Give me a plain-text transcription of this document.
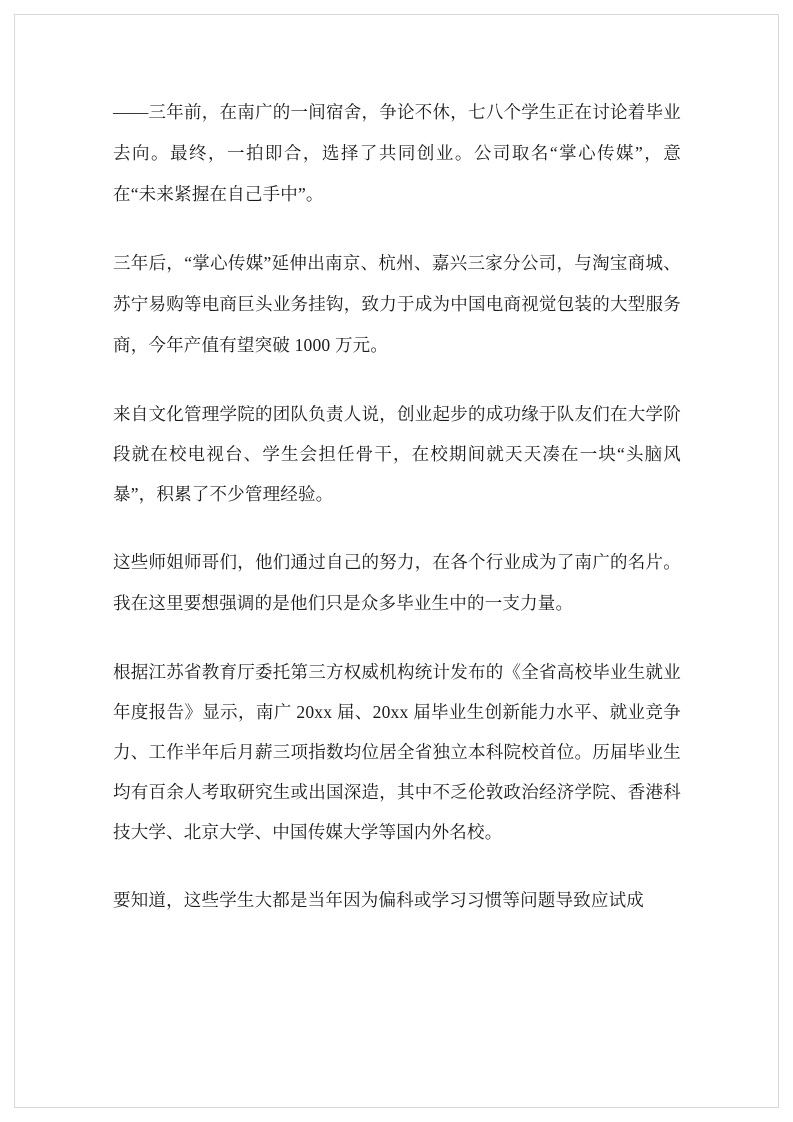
——三年前，在南广的一间宿舍，争论不休，七八个学生正在讨论着毕业去向。最终，一拍即合，选择了共同创业。公司取名“掌心传媒”，意在“未来紧握在自己手中”。

三年后，“掌心传媒”延伸出南京、杭州、嘉兴三家分公司，与淘宝商城、苏宁易购等电商巨头业务挂钩，致力于成为中国电商视觉包装的大型服务商，今年产值有望突破 1000 万元。

来自文化管理学院的团队负责人说，创业起步的成功缘于队友们在大学阶段就在校电视台、学生会担任骨干，在校期间就天天凑在一块“头脑风暴”，积累了不少管理经验。

这些师姐师哥们，他们通过自己的努力，在各个行业成为了南广的名片。我在这里要想强调的是他们只是众多毕业生中的一支力量。

根据江苏省教育厅委托第三方权威机构统计发布的《全省高校毕业生就业年度报告》显示，南广 20xx 届、20xx 届毕业生创新能力水平、就业竞争力、工作半年后月薪三项指数均位居全省独立本科院校首位。历届毕业生均有百余人考取研究生或出国深造，其中不乏伦敦政治经济学院、香港科技大学、北京大学、中国传媒大学等国内外名校。

要知道，这些学生大都是当年因为偏科或学习习惯等问题导致应试成
